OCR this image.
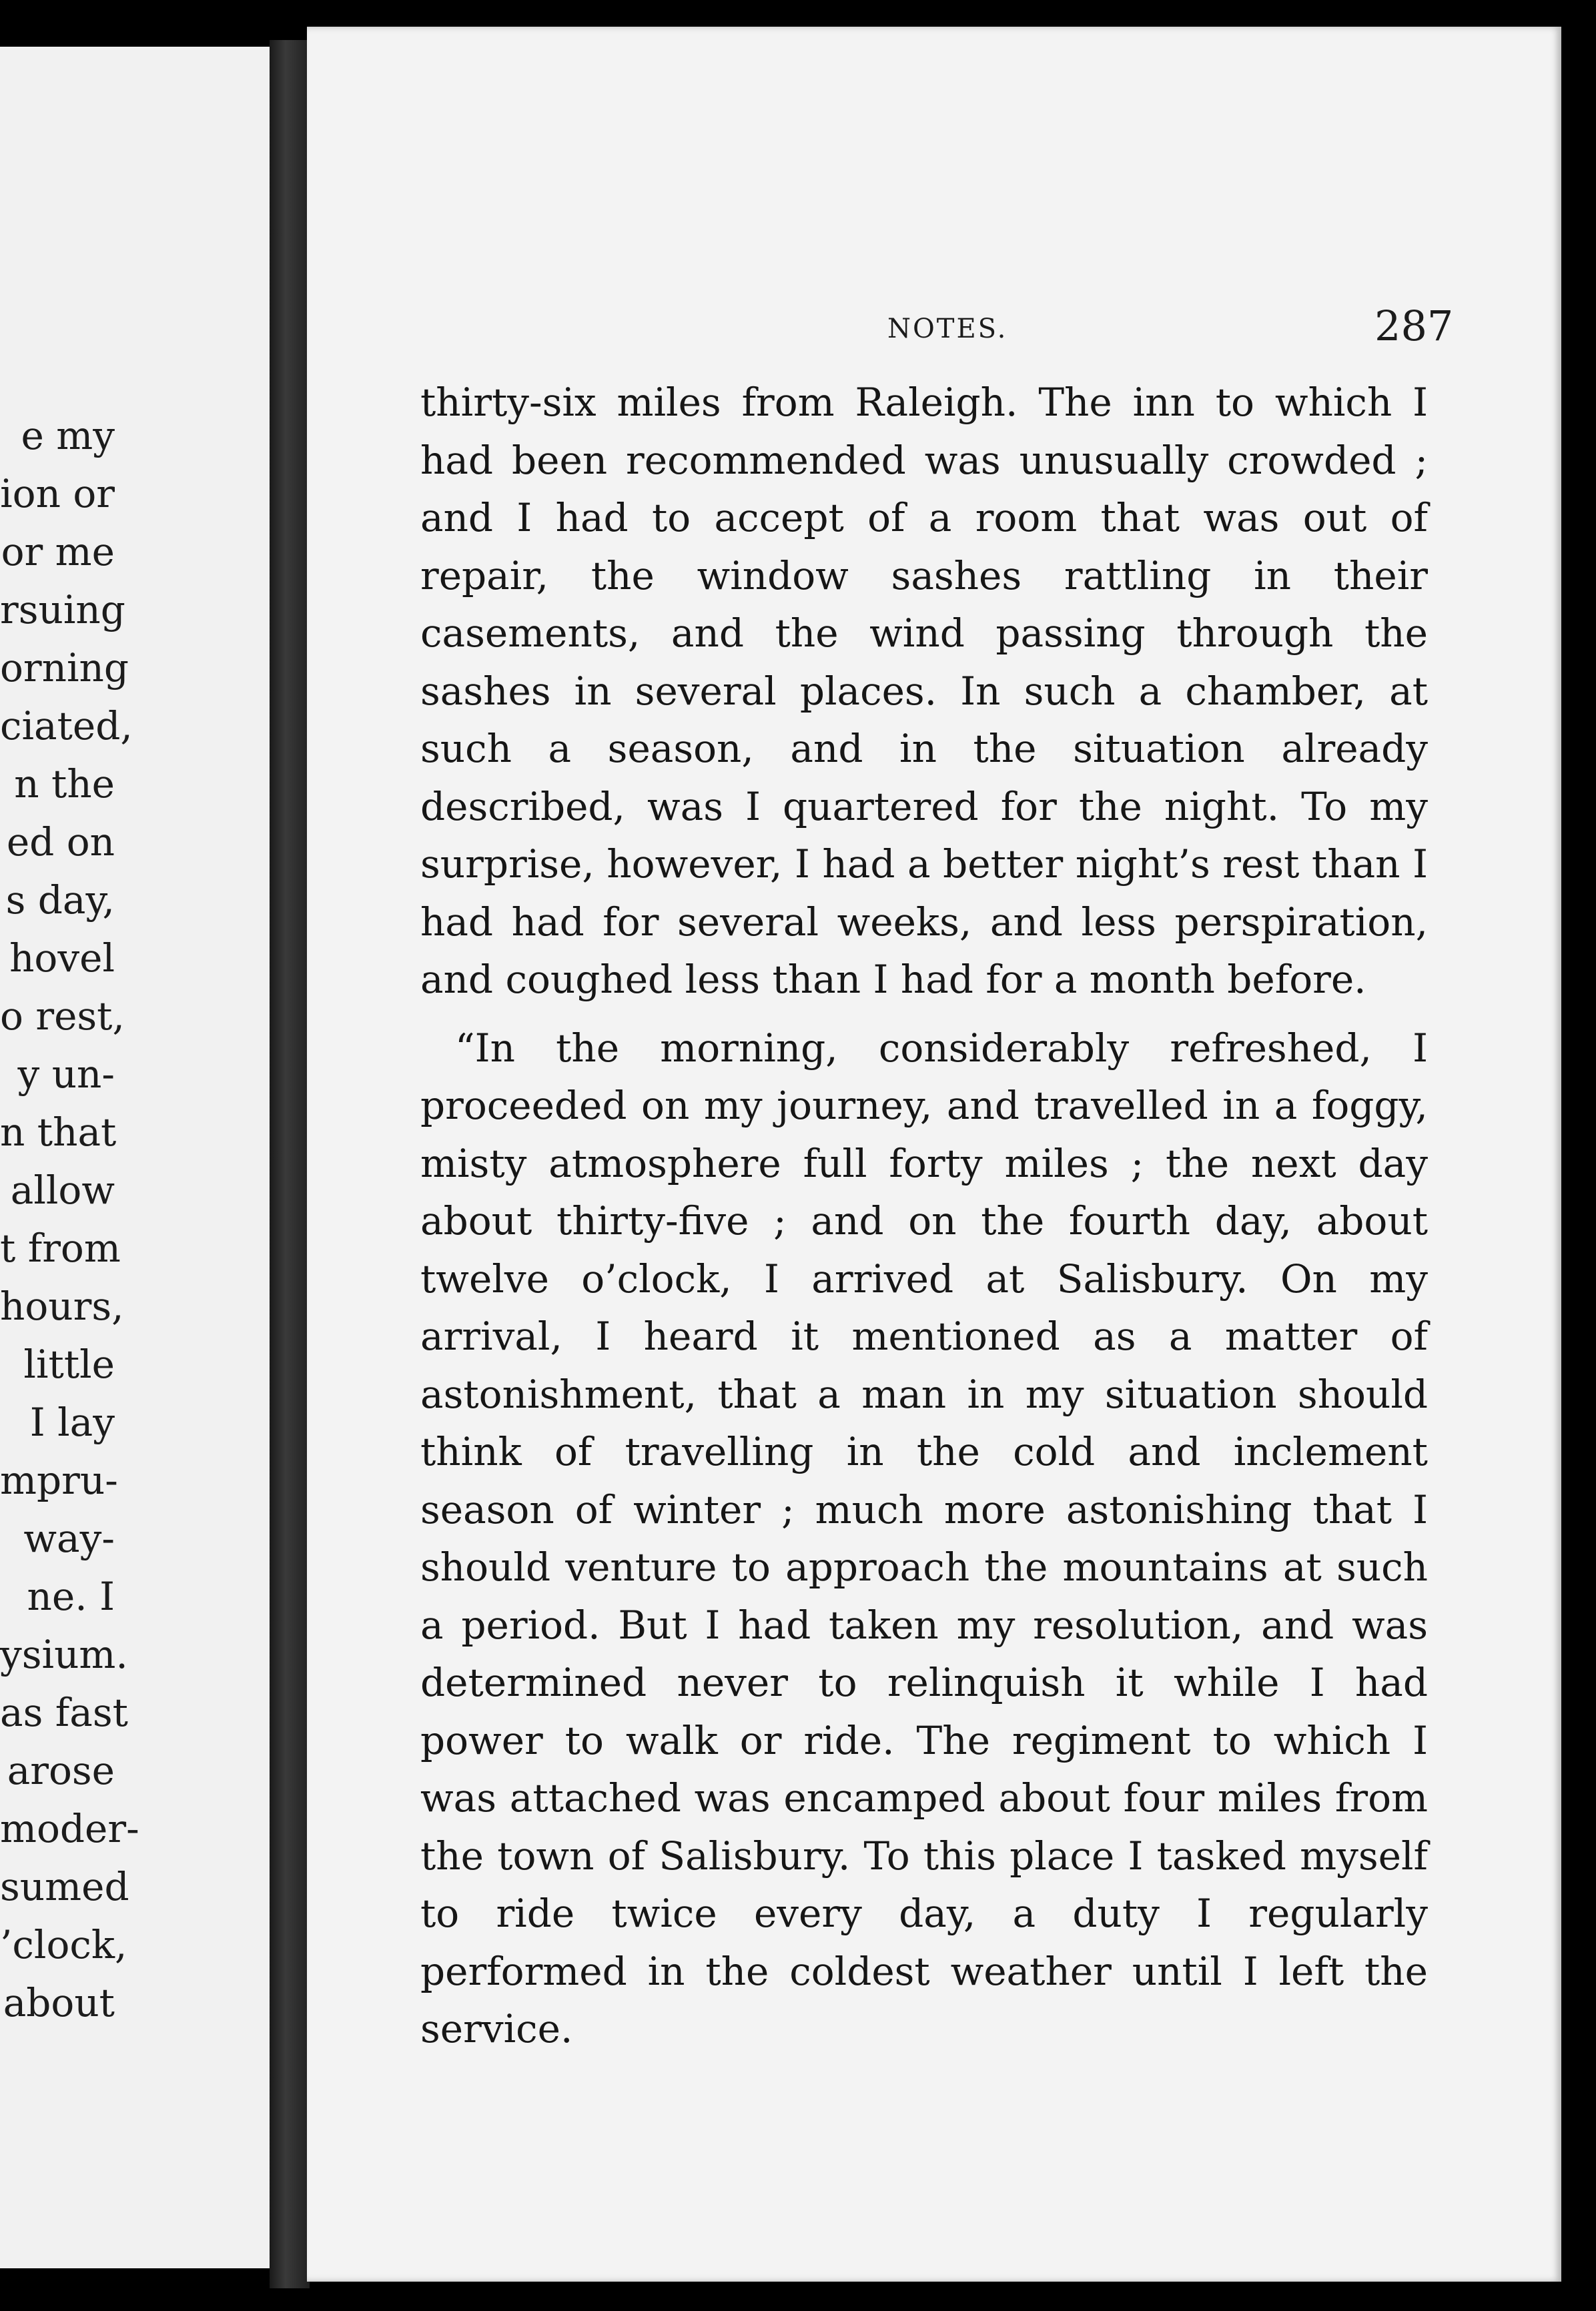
e my
ion or
or me
rsuing
orning
ciated,
n the
ed on
s day,
hovel
o rest,
y un-
n that
allow
t from
hours,
little
I lay
mpru-
way-
ne. I
ysium.
as fast
arose
moder-
sumed
’clock,
about
NOTES.	287

thirty-six miles from Raleigh. The inn to which I had been recommended was unusually crowded ; and I had to accept of a room that was out of repair, the window sashes rattling in their casements, and the wind passing through the sashes in several places. In such a chamber, at such a season, and in the situation already described, was I quartered for the night. To my surprise, however, I had a better night’s rest than I had had for several weeks, and less perspiration, and coughed less than I had for a month before.

“In the morning, considerably refreshed, I proceeded on my journey, and travelled in a foggy, misty atmosphere full forty miles ; the next day about thirty-five ; and on the fourth day, about twelve o’clock, I arrived at Salisbury. On my arrival, I heard it mentioned as a matter of astonishment, that a man in my situation should think of travelling in the cold and inclement season of winter ; much more astonishing that I should venture to approach the mountains at such a period. But I had taken my resolution, and was determined never to relinquish it while I had power to walk or ride. The regiment to which I was attached was encamped about four miles from the town of Salisbury. To this place I tasked myself to ride twice every day, a duty I regularly performed in the coldest weather until I left the service.
